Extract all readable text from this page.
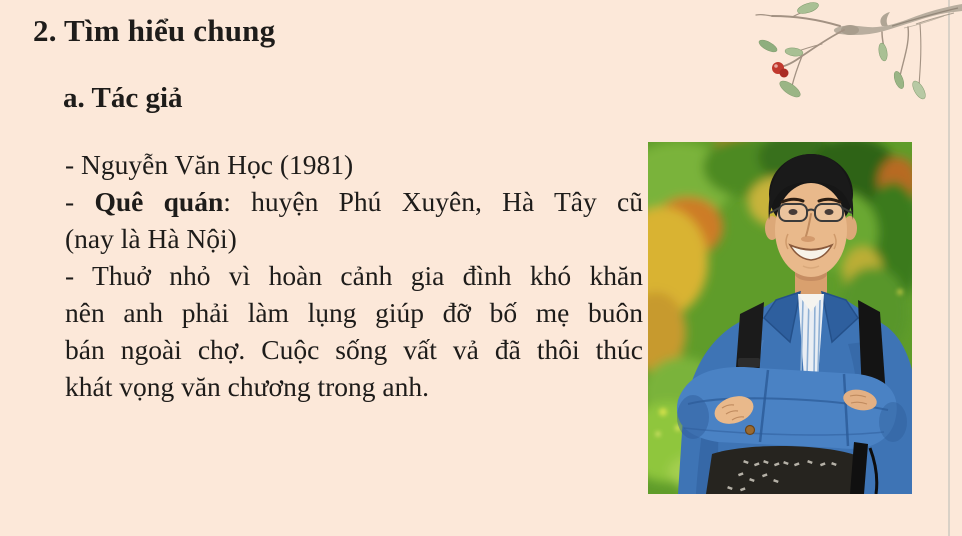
2. Tìm hiểu chung
a. Tác giả
- Nguyễn Văn Học (1981)
- Quê quán: huyện Phú Xuyên, Hà Tây cũ
(nay là Hà Nội)
- Thuở nhỏ vì hoàn cảnh gia đình khó khăn
nên anh phải làm lụng giúp đỡ bố mẹ buôn
bán ngoài chợ. Cuộc sống vất vả đã thôi thúc
khát vọng văn chương trong anh.
